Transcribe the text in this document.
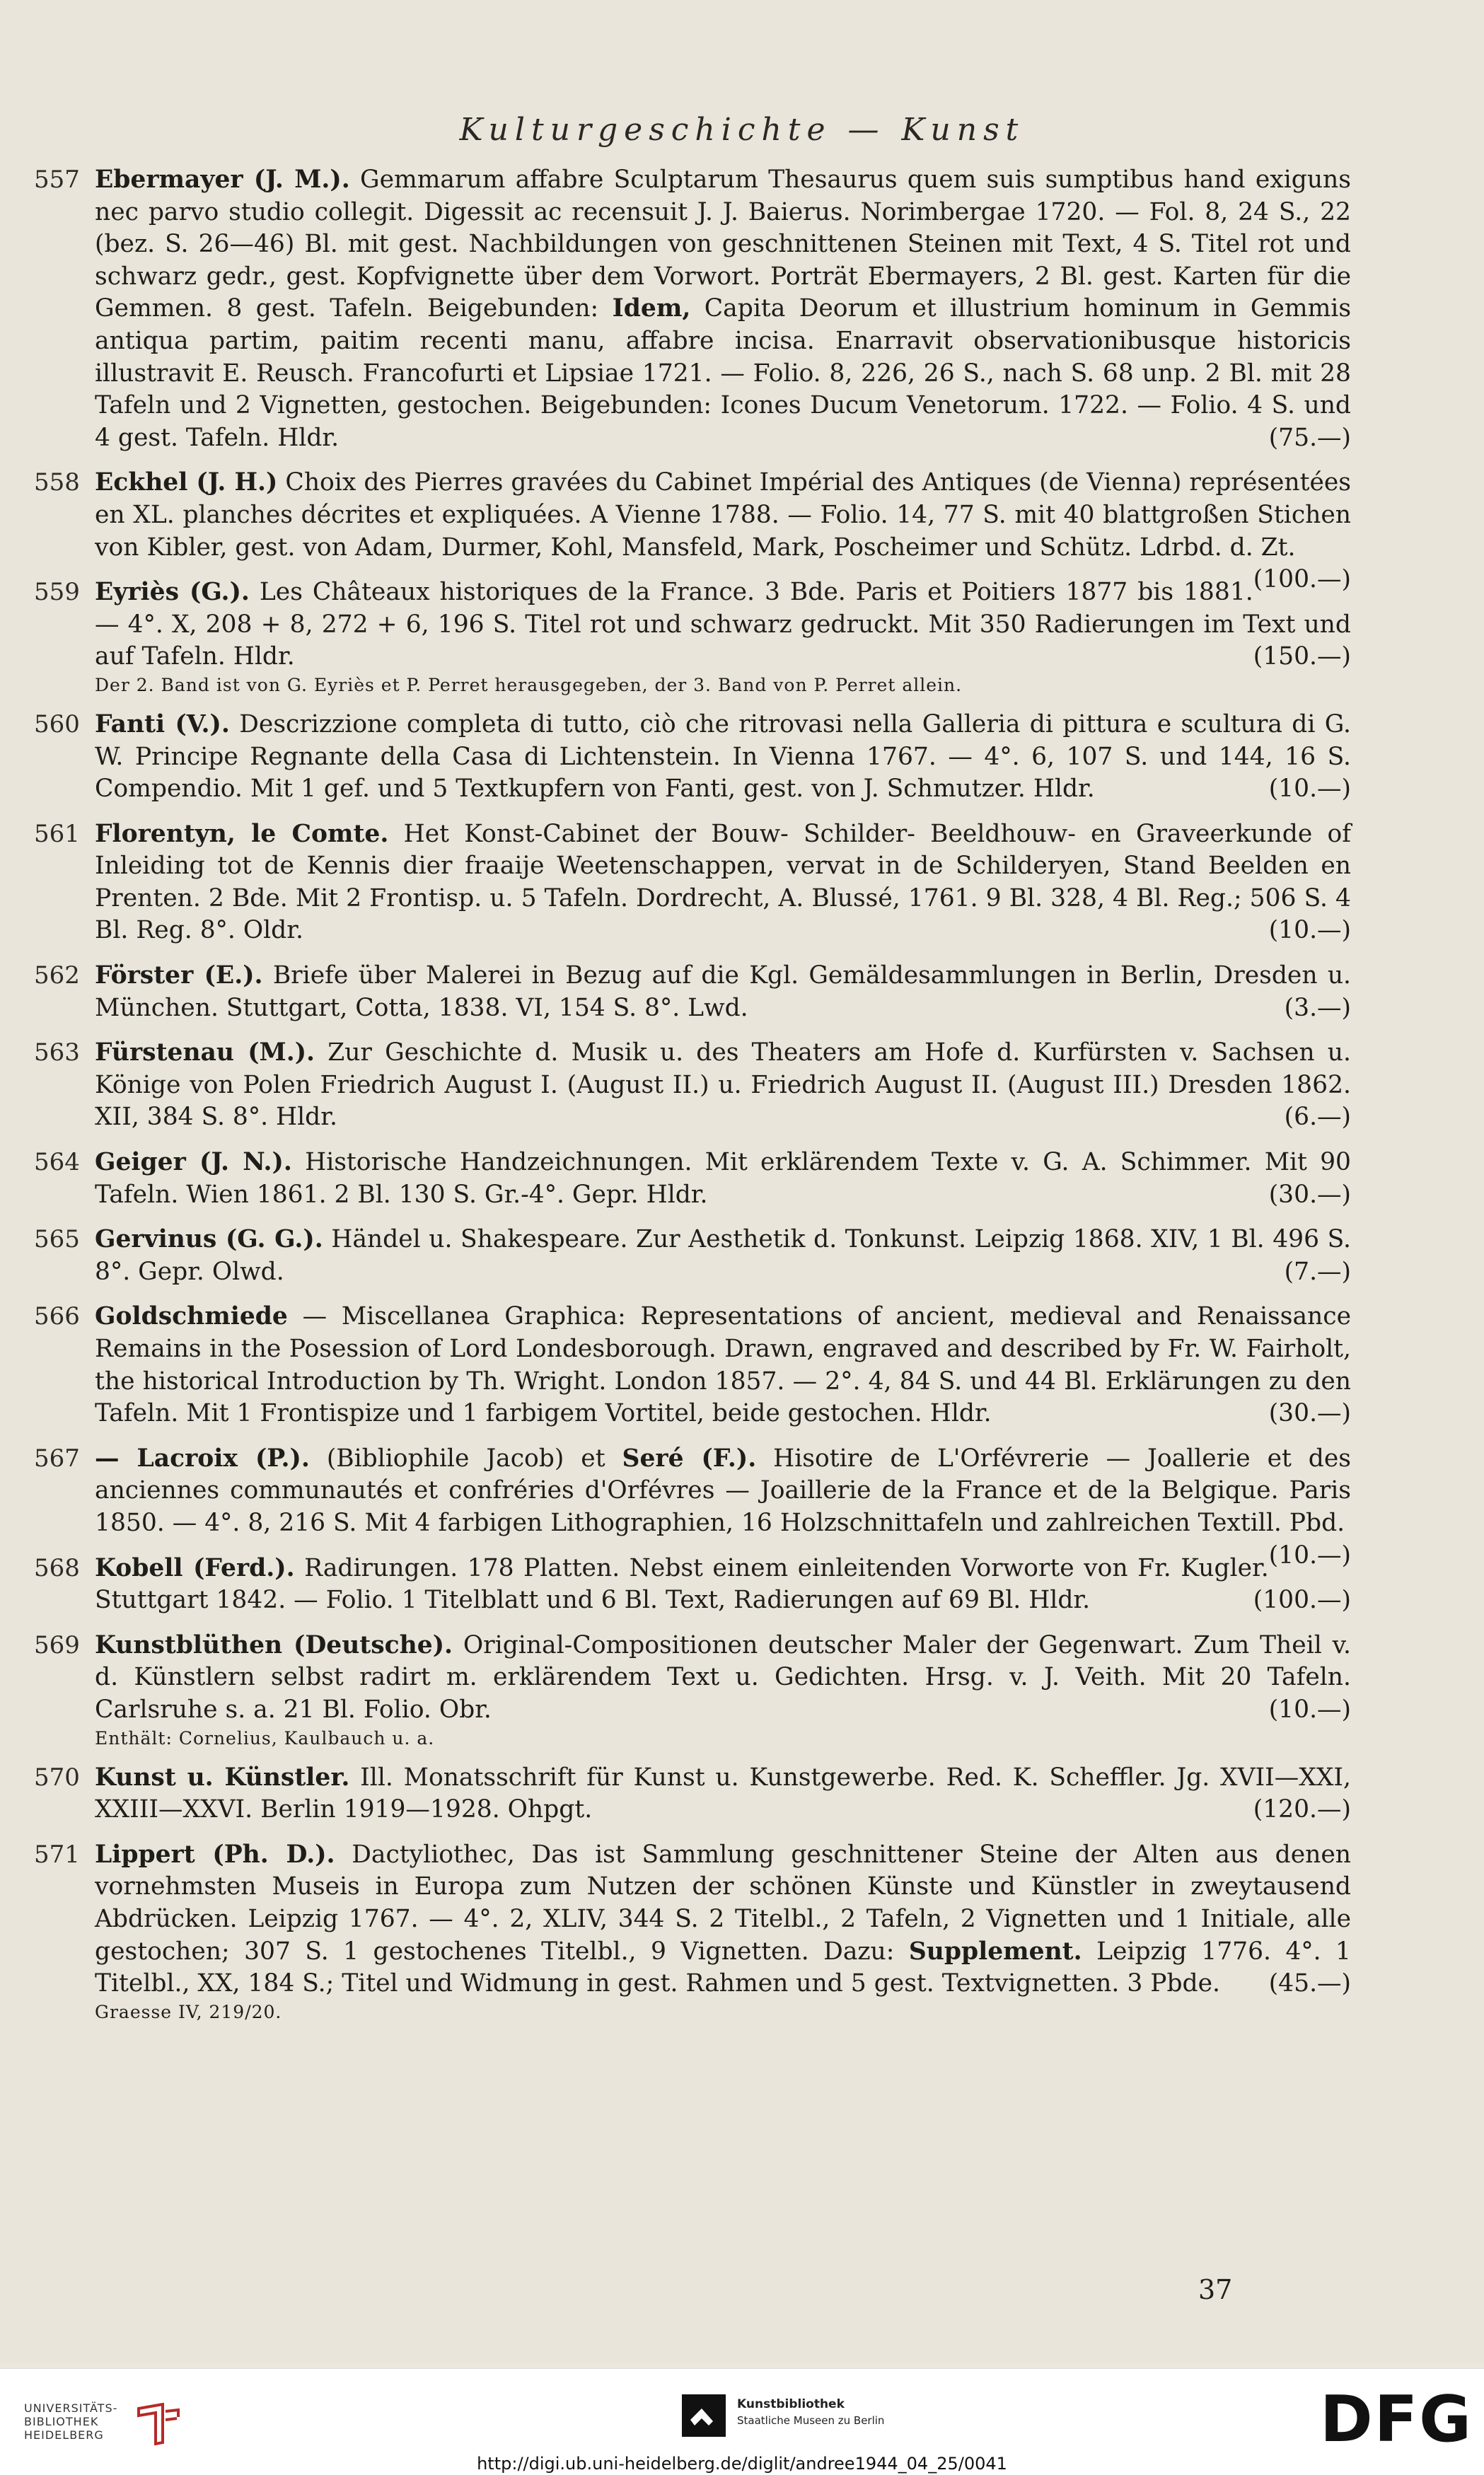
Kulturgeschichte — Kunst
557 Ebermayer (J. M.). Gemmarum affabre Sculptarum Thesaurus quem suis sumptibus hand exiguns nec parvo studio collegit. Digessit ac recensuit J. J. Baierus. Norimbergae 1720. — Fol. 8, 24 S., 22 (bez. S. 26—46) Bl. mit gest. Nachbildungen von geschnittenen Steinen mit Text, 4 S. Titel rot und schwarz gedr., gest. Kopfvignette über dem Vorwort. Porträt Ebermayers, 2 Bl. gest. Karten für die Gemmen. 8 gest. Tafeln. Beigebunden: Idem, Capita Deorum et illustrium hominum in Gemmis antiqua partim, paitim recenti manu, affabre incisa. Enarravit observationibusque historicis illustravit E. Reusch. Francofurti et Lipsiae 1721. — Folio. 8, 226, 26 S., nach S. 68 unp. 2 Bl. mit 28 Tafeln und 2 Vignetten, gestochen. Beigebunden: Icones Ducum Venetorum. 1722. — Folio. 4 S. und 4 gest. Tafeln. Hldr.	(75.—)
558 Eckhel (J. H.) Choix des Pierres gravées du Cabinet Impérial des Antiques (de Vienna) représentées en XL. planches décrites et expliquées. A Vienne 1788. — Folio. 14, 77 S. mit 40 blattgroßen Stichen von Kibler, gest. von Adam, Durmer, Kohl, Mansfeld, Mark, Poscheimer und Schütz. Ldrbd. d. Zt.
(100.—)
559 Eyriès (G.). Les Châteaux historiques de la France. 3 Bde. Paris et Poitiers 1877 bis 1881. — 4°. X, 208 + 8, 272 + 6, 196 S. Titel rot und schwarz gedruckt. Mit 350 Radierungen im Text und auf Tafeln. Hldr.	(150.—)
Der 2. Band ist von G. Eyriès et P. Perret herausgegeben, der 3. Band von P. Perret allein.
560 Fanti (V.). Descrizzione completa di tutto, ciò che ritrovasi nella Galleria di pittura e scultura di G. W. Principe Regnante della Casa di Lichtenstein. In Vienna 1767. — 4°. 6, 107 S. und 144, 16 S. Compendio. Mit 1 gef. und 5 Textkupfern von Fanti, gest. von J. Schmutzer. Hldr.	(10.—)
561 Florentyn, le Comte. Het Konst-Cabinet der Bouw- Schilder- Beeldhouw- en Graveerkunde of Inleiding tot de Kennis dier fraaije Weetenschappen, vervat in de Schilderyen, Stand Beelden en Prenten. 2 Bde. Mit 2 Frontisp. u. 5 Tafeln. Dordrecht, A. Blussé, 1761. 9 Bl. 328, 4 Bl. Reg.; 506 S. 4 Bl. Reg. 8°. Oldr.	(10.—)
562 Förster (E.). Briefe über Malerei in Bezug auf die Kgl. Gemäldesammlungen in Berlin, Dresden u. München. Stuttgart, Cotta, 1838. VI, 154 S. 8°. Lwd.	(3.—)
563 Fürstenau (M.). Zur Geschichte d. Musik u. des Theaters am Hofe d. Kurfürsten v. Sachsen u. Könige von Polen Friedrich August I. (August II.) u. Friedrich August II. (August III.) Dresden 1862. XII, 384 S. 8°. Hldr.	(6.—)
564 Geiger (J. N.). Historische Handzeichnungen. Mit erklärendem Texte v. G. A. Schimmer. Mit 90 Tafeln. Wien 1861. 2 Bl. 130 S. Gr.-4°. Gepr. Hldr.	(30.—)
565 Gervinus (G. G.). Händel u. Shakespeare. Zur Aesthetik d. Tonkunst. Leipzig 1868. XIV, 1 Bl. 496 S. 8°. Gepr. Olwd.	(7.—)
566 Goldschmiede — Miscellanea Graphica: Representations of ancient, medieval and Renaissance Remains in the Posession of Lord Londesborough. Drawn, engraved and described by Fr. W. Fairholt, the historical Introduction by Th. Wright. London 1857. — 2°. 4, 84 S. und 44 Bl. Erklärungen zu den Tafeln. Mit 1 Frontispize und 1 farbigem Vortitel, beide gestochen. Hldr.	(30.—)
567 — Lacroix (P.). (Bibliophile Jacob) et Seré (F.). Hisotire de L'Orfévrerie — Joallerie et des anciennes communautés et confréries d'Orfévres — Joaillerie de la France et de la Belgique. Paris 1850. — 4°. 8, 216 S. Mit 4 farbigen Lithographien, 16 Holzschnittafeln und zahlreichen Textill. Pbd.
(10.—)
568 Kobell (Ferd.). Radirungen. 178 Platten. Nebst einem einleitenden Vorworte von Fr. Kugler. Stuttgart 1842. — Folio. 1 Titelblatt und 6 Bl. Text, Radierungen auf 69 Bl. Hldr.	(100.—)
569 Kunstblüthen (Deutsche). Original-Compositionen deutscher Maler der Gegenwart. Zum Theil v. d. Künstlern selbst radirt m. erklärendem Text u. Gedichten. Hrsg. v. J. Veith. Mit 20 Tafeln. Carlsruhe s. a. 21 Bl. Folio. Obr.	(10.—)
Enthält: Cornelius, Kaulbauch u. a.
570 Kunst u. Künstler. Ill. Monatsschrift für Kunst u. Kunstgewerbe. Red. K. Scheffler. Jg. XVII—XXI, XXIII—XXVI. Berlin 1919—1928. Ohpgt.	(120.—)
571 Lippert (Ph. D.). Dactyliothec, Das ist Sammlung geschnittener Steine der Alten aus denen vornehmsten Museis in Europa zum Nutzen der schönen Künste und Künstler in zweytausend Abdrücken. Leipzig 1767. — 4°. 2, XLIV, 344 S. 2 Titelbl., 2 Tafeln, 2 Vignetten und 1 Initiale, alle gestochen; 307 S. 1 gestochenes Titelbl., 9 Vignetten. Dazu: Supplement. Leipzig 1776. 4°. 1 Titelbl., XX, 184 S.; Titel und Widmung in gest. Rahmen und 5 gest. Textvignetten. 3 Pbde. (45.—)
Graesse IV, 219/20.
37
UNIVERSITÄTS-
BIBLIOTHEK
HEIDELBERG
Kunstbibliothek
Staatliche Museen zu Berlin	DFG
http://digi.ub.uni-heidelberg.de/diglit/andree1944_04_25/0041
